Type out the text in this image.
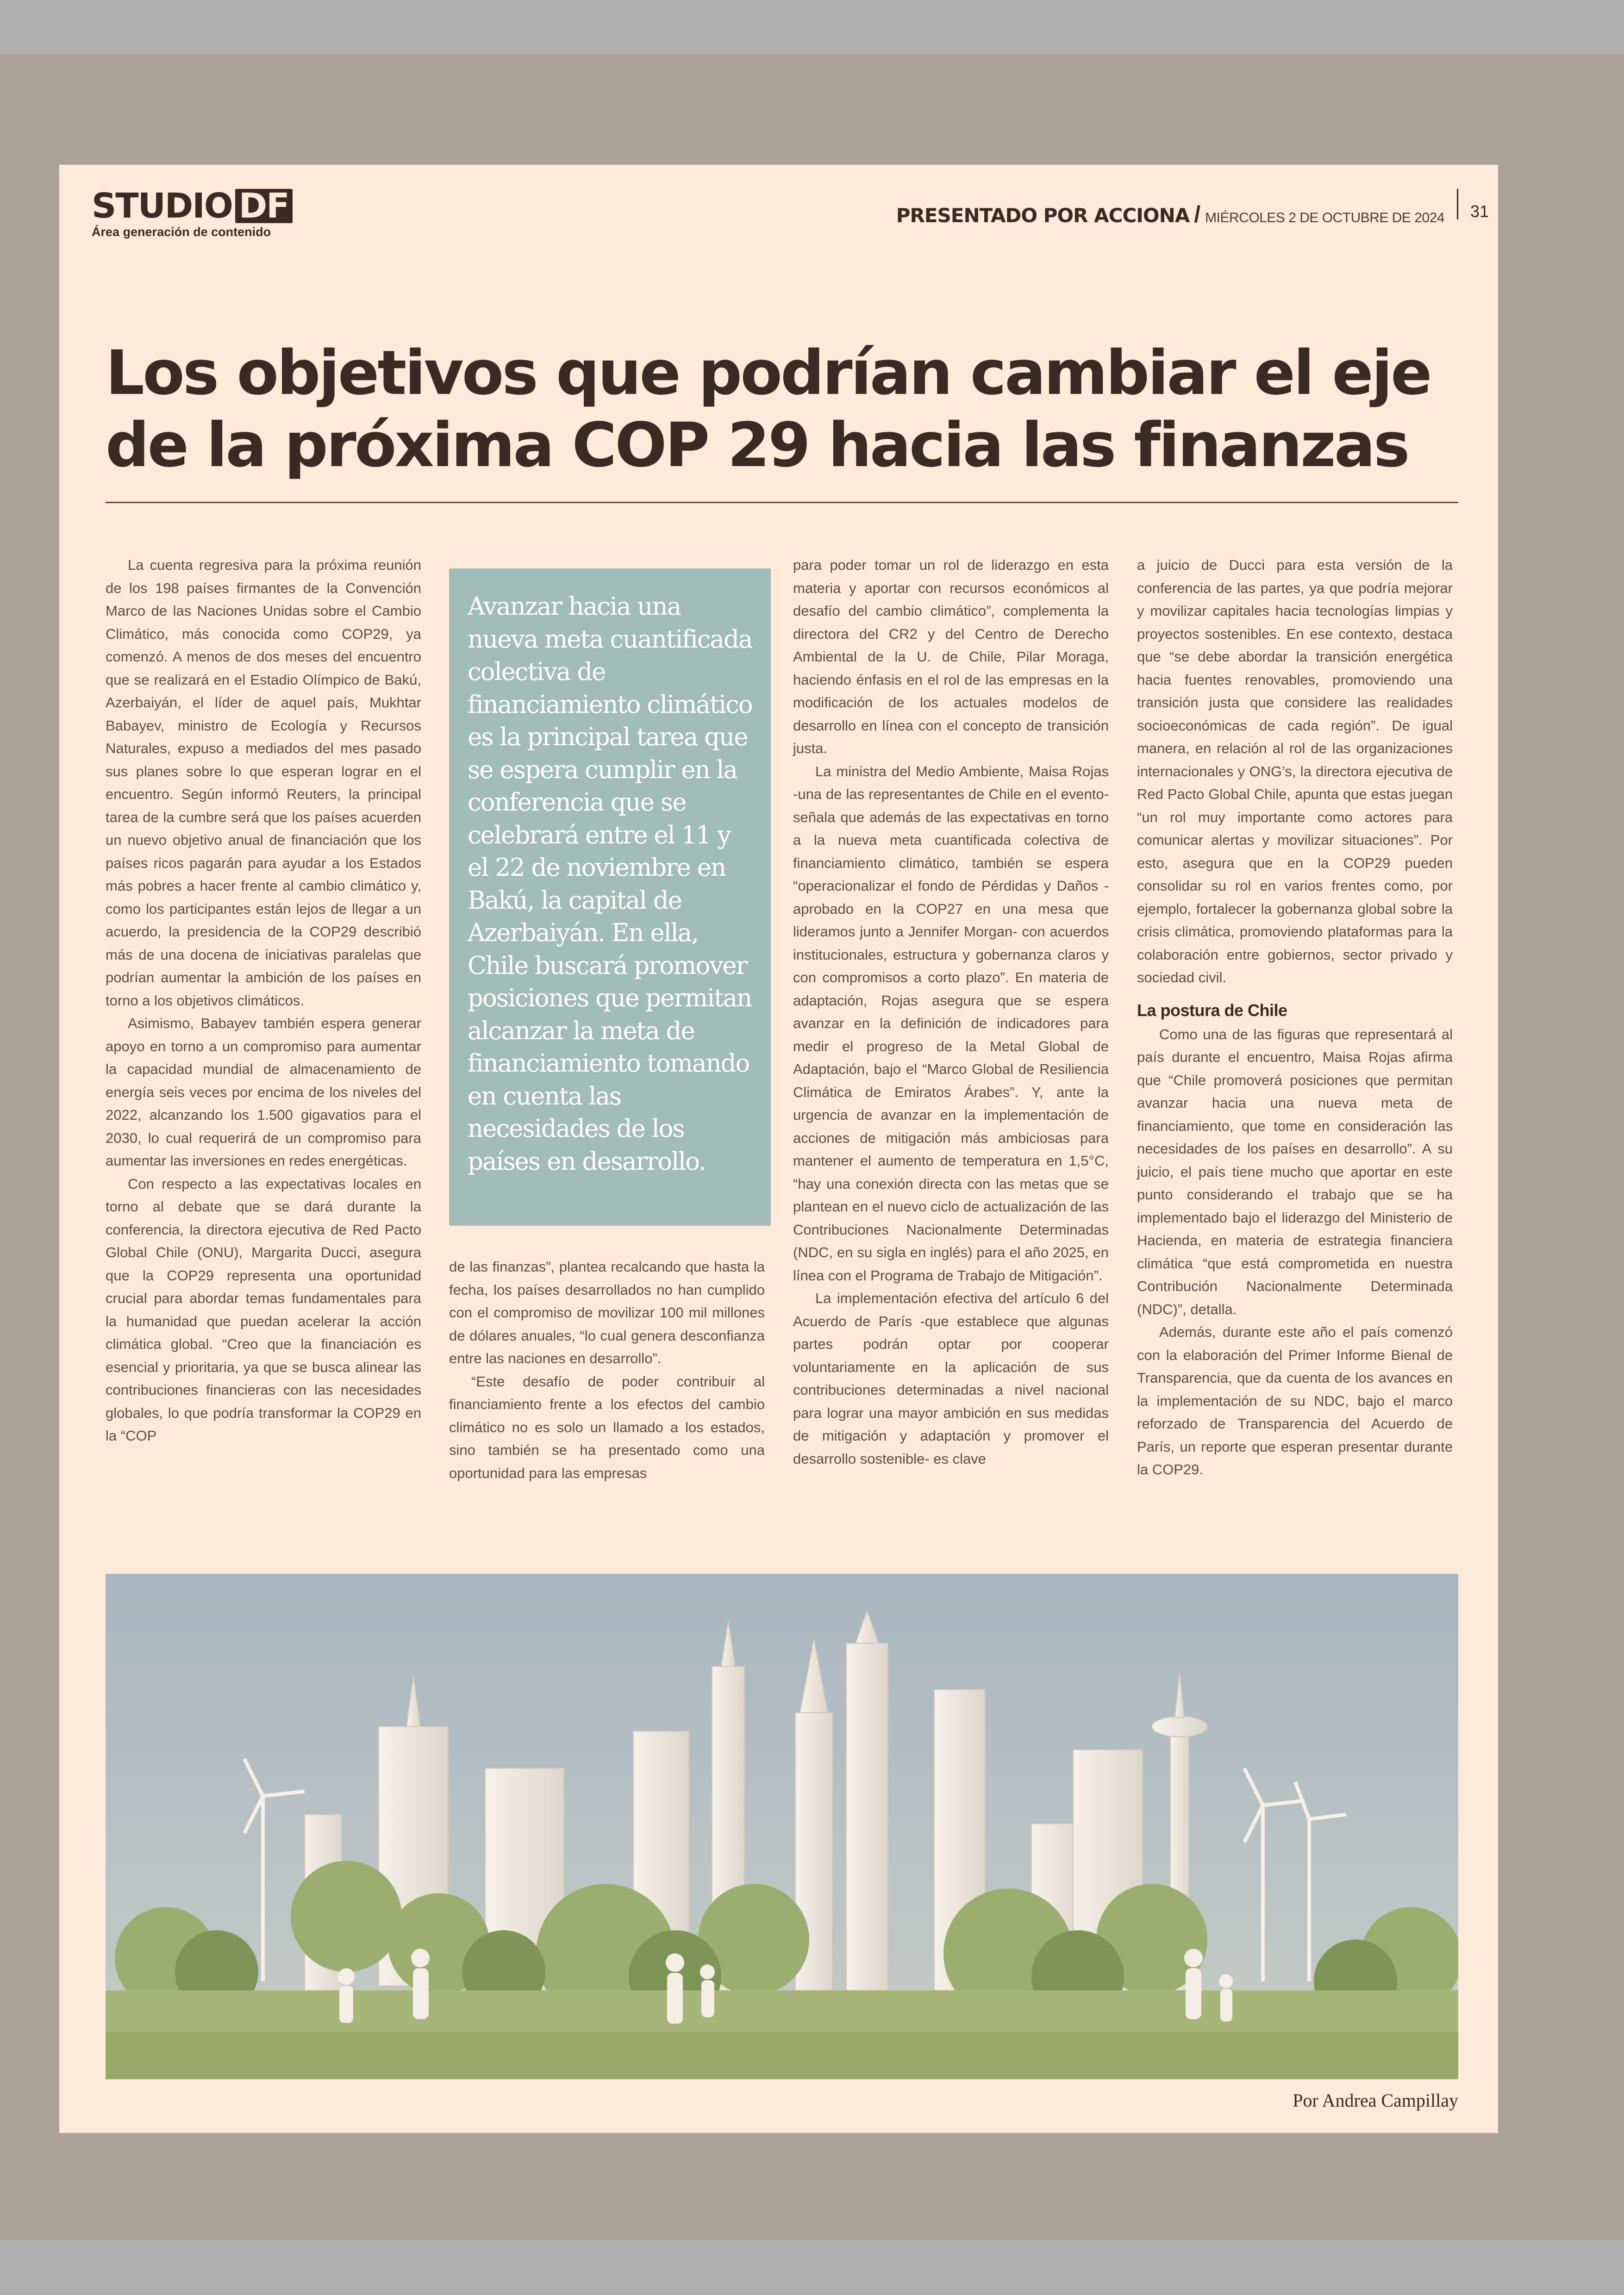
STUDIO DF
Área generación de contenido
PRESENTADO POR ACCIONA / MIÉRCOLES 2 DE OCTUBRE DE 2024 31
Los objetivos que podrían cambiar el eje de la próxima COP 29 hacia las finanzas

La cuenta regresiva para la próxima reunión de los 198 países firmantes de la Convención Marco de las Naciones Unidas sobre el Cambio Climático, más conocida como COP29, ya comenzó. A menos de dos meses del encuentro que se realizará en el Estadio Olímpico de Bakú, Azerbaiyán, el líder de aquel país, Mukhtar Babayev, ministro de Ecología y Recursos Naturales, expuso a mediados del mes pasado sus planes sobre lo que esperan lograr en el encuentro. Según informó Reuters, la principal tarea de la cumbre será que los países acuerden un nuevo objetivo anual de financiación que los países ricos pagarán para ayudar a los Estados más pobres a hacer frente al cambio climático y, como los participantes están lejos de llegar a un acuerdo, la presidencia de la COP29 describió más de una docena de iniciativas paralelas que podrían aumentar la ambición de los países en torno a los objetivos climáticos.

Asimismo, Babayev también espera generar apoyo en torno a un compromiso para aumentar la capacidad mundial de almacenamiento de energía seis veces por encima de los niveles del 2022, alcanzando los 1.500 gigavatios para el 2030, lo cual requerirá de un compromiso para aumentar las inversiones en redes energéticas.

Con respecto a las expectativas locales en torno al debate que se dará durante la conferencia, la directora ejecutiva de Red Pacto Global Chile (ONU), Margarita Ducci, asegura que la COP29 representa una oportunidad crucial para abordar temas fundamentales para la humanidad que puedan acelerar la acción climática global. “Creo que la financiación es esencial y prioritaria, ya que se busca alinear las contribuciones financieras con las necesidades globales, lo que podría transformar la COP29 en la “COP

Avanzar hacia una nueva meta cuantificada colectiva de financiamiento climático es la principal tarea que se espera cumplir en la conferencia que se celebrará entre el 11 y el 22 de noviembre en Bakú, la capital de Azerbaiyán. En ella, Chile buscará promover posiciones que permitan alcanzar la meta de financiamiento tomando en cuenta las necesidades de los países en desarrollo.

de las finanzas”, plantea recalcando que hasta la fecha, los países desarrollados no han cumplido con el compromiso de movilizar 100 mil millones de dólares anuales, “lo cual genera desconfianza entre las naciones en desarrollo”.

“Este desafío de poder contribuir al financiamiento frente a los efectos del cambio climático no es solo un llamado a los estados, sino también se ha presentado como una oportunidad para las empresas

para poder tomar un rol de liderazgo en esta materia y aportar con recursos económicos al desafío del cambio climático”, complementa la directora del CR2 y del Centro de Derecho Ambiental de la U. de Chile, Pilar Moraga, haciendo énfasis en el rol de las empresas en la modificación de los actuales modelos de desarrollo en línea con el concepto de transición justa.

La ministra del Medio Ambiente, Maisa Rojas -una de las representantes de Chile en el evento- señala que además de las expectativas en torno a la nueva meta cuantificada colectiva de financiamiento climático, también se espera “operacionalizar el fondo de Pérdidas y Daños -aprobado en la COP27 en una mesa que lideramos junto a Jennifer Morgan- con acuerdos institucionales, estructura y gobernanza claros y con compromisos a corto plazo”. En materia de adaptación, Rojas asegura que se espera avanzar en la definición de indicadores para medir el progreso de la Metal Global de Adaptación, bajo el “Marco Global de Resiliencia Climática de Emiratos Árabes”. Y, ante la urgencia de avanzar en la implementación de acciones de mitigación más ambiciosas para mantener el aumento de temperatura en 1,5°C, “hay una conexión directa con las metas que se plantean en el nuevo ciclo de actualización de las Contribuciones Nacionalmente Determinadas (NDC, en su sigla en inglés) para el año 2025, en línea con el Programa de Trabajo de Mitigación”.

La implementación efectiva del artículo 6 del Acuerdo de París -que establece que algunas partes podrán optar por cooperar voluntariamente en la aplicación de sus contribuciones determinadas a nivel nacional para lograr una mayor ambición en sus medidas de mitigación y adaptación y promover el desarrollo sostenible- es clave

a juicio de Ducci para esta versión de la conferencia de las partes, ya que podría mejorar y movilizar capitales hacia tecnologías limpias y proyectos sostenibles. En ese contexto, destaca que “se debe abordar la transición energética hacia fuentes renovables, promoviendo una transición justa que considere las realidades socioeconómicas de cada región”. De igual manera, en relación al rol de las organizaciones internacionales y ONG’s, la directora ejecutiva de Red Pacto Global Chile, apunta que estas juegan “un rol muy importante como actores para comunicar alertas y movilizar situaciones”. Por esto, asegura que en la COP29 pueden consolidar su rol en varios frentes como, por ejemplo, fortalecer la gobernanza global sobre la crisis climática, promoviendo plataformas para la colaboración entre gobiernos, sector privado y sociedad civil.

La postura de Chile

Como una de las figuras que representará al país durante el encuentro, Maisa Rojas afirma que “Chile promoverá posiciones que permitan avanzar hacia una nueva meta de financiamiento, que tome en consideración las necesidades de los países en desarrollo”. A su juicio, el país tiene mucho que aportar en este punto considerando el trabajo que se ha implementado bajo el liderazgo del Ministerio de Hacienda, en materia de estrategia financiera climática “que está comprometida en nuestra Contribución Nacionalmente Determinada (NDC)”, detalla.

Además, durante este año el país comenzó con la elaboración del Primer Informe Bienal de Transparencia, que da cuenta de los avances en la implementación de su NDC, bajo el marco reforzado de Transparencia del Acuerdo de París, un reporte que esperan presentar durante la COP29.

Por Andrea Campillay
